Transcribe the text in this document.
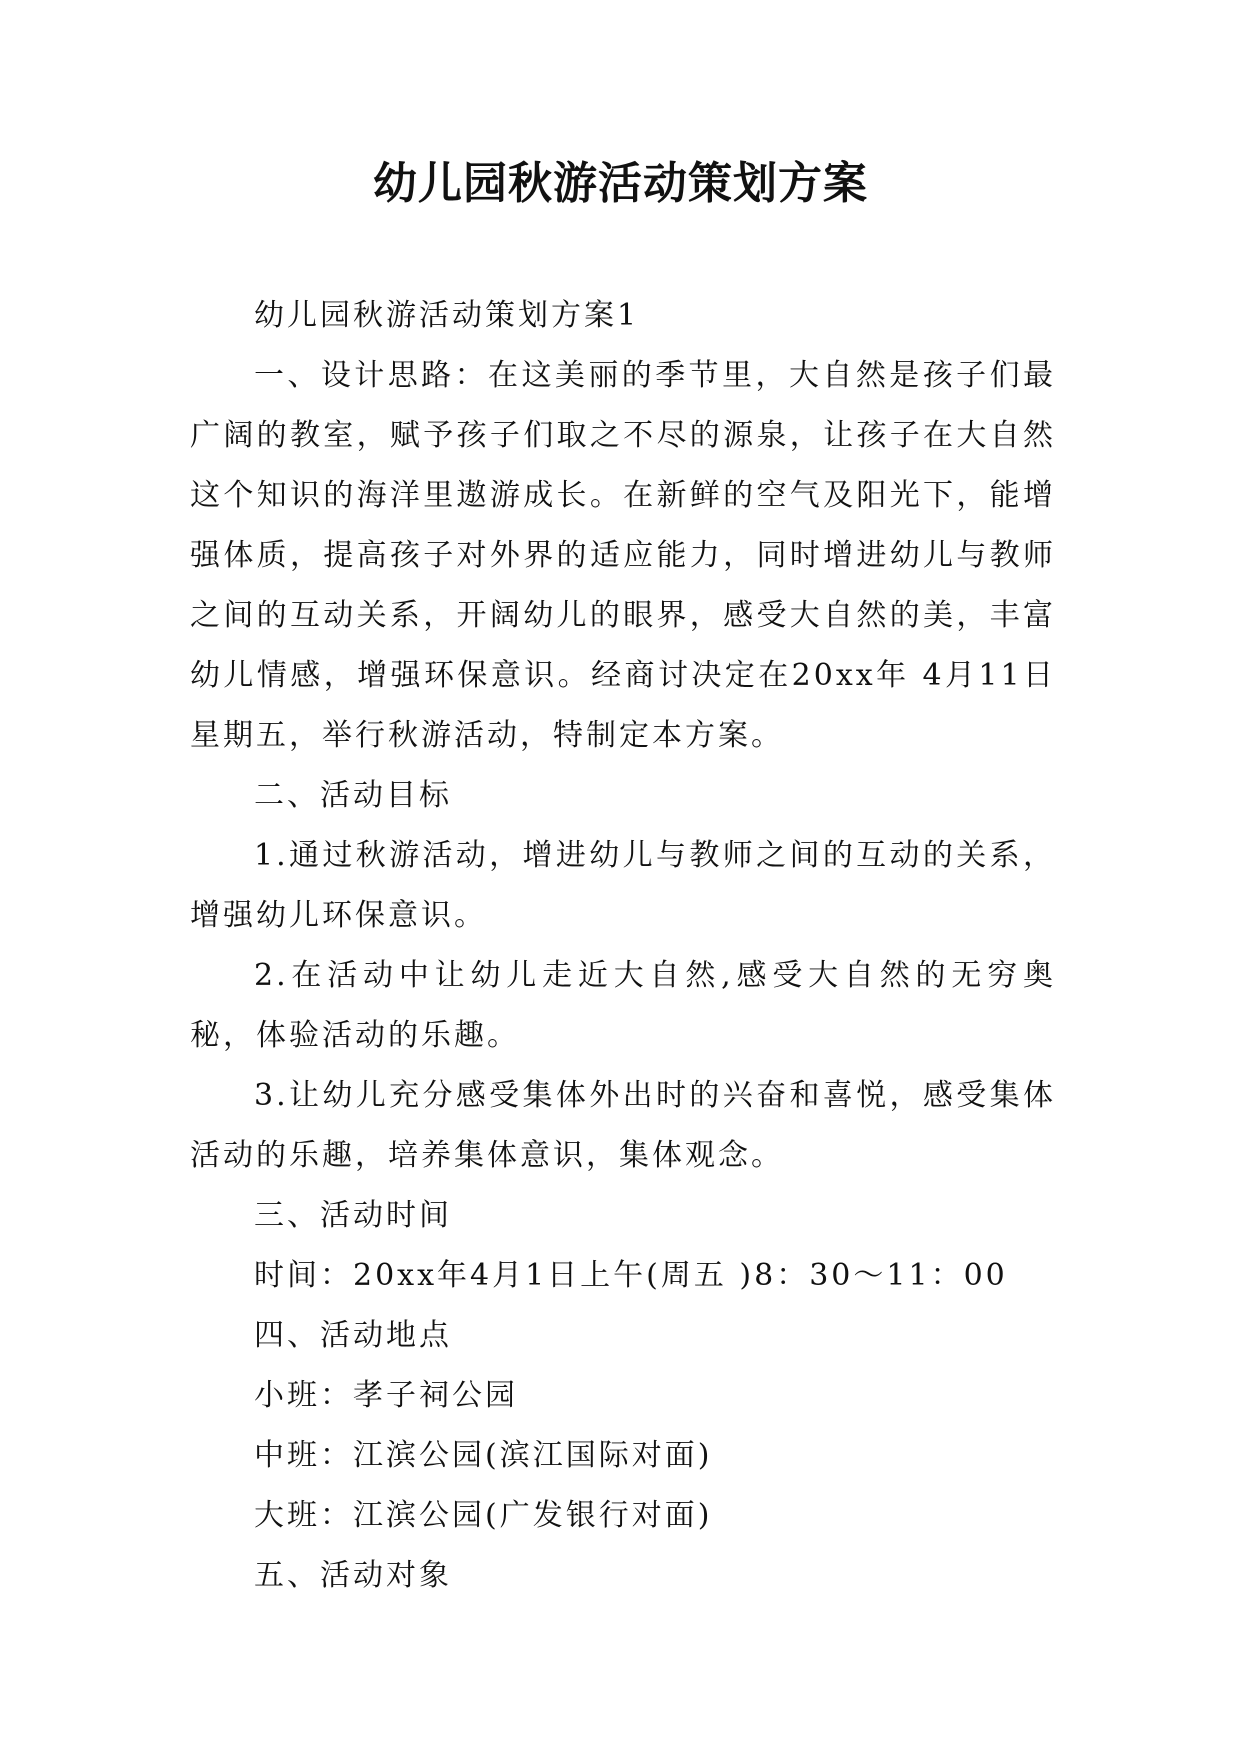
幼儿园秋游活动策划方案

幼儿园秋游活动策划方案1

一、设计思路：在这美丽的季节里，大自然是孩子们最广阔的教室，赋予孩子们取之不尽的源泉，让孩子在大自然这个知识的海洋里遨游成长。在新鲜的空气及阳光下，能增强体质，提高孩子对外界的适应能力，同时增进幼儿与教师之间的互动关系，开阔幼儿的眼界，感受大自然的美，丰富幼儿情感，增强环保意识。经商讨决定在20xx年 4月11日星期五，举行秋游活动，特制定本方案。

二、活动目标

1.通过秋游活动，增进幼儿与教师之间的互动的关系，增强幼儿环保意识。

2.在活动中让幼儿走近大自然,感受大自然的无穷奥秘，体验活动的乐趣。

3.让幼儿充分感受集体外出时的兴奋和喜悦，感受集体活动的乐趣，培养集体意识，集体观念。

三、活动时间

时间：20xx年4月1日上午(周五 )8：30～11：00

四、活动地点

小班：孝子祠公园

中班：江滨公园(滨江国际对面)

大班：江滨公园(广发银行对面)

五、活动对象
